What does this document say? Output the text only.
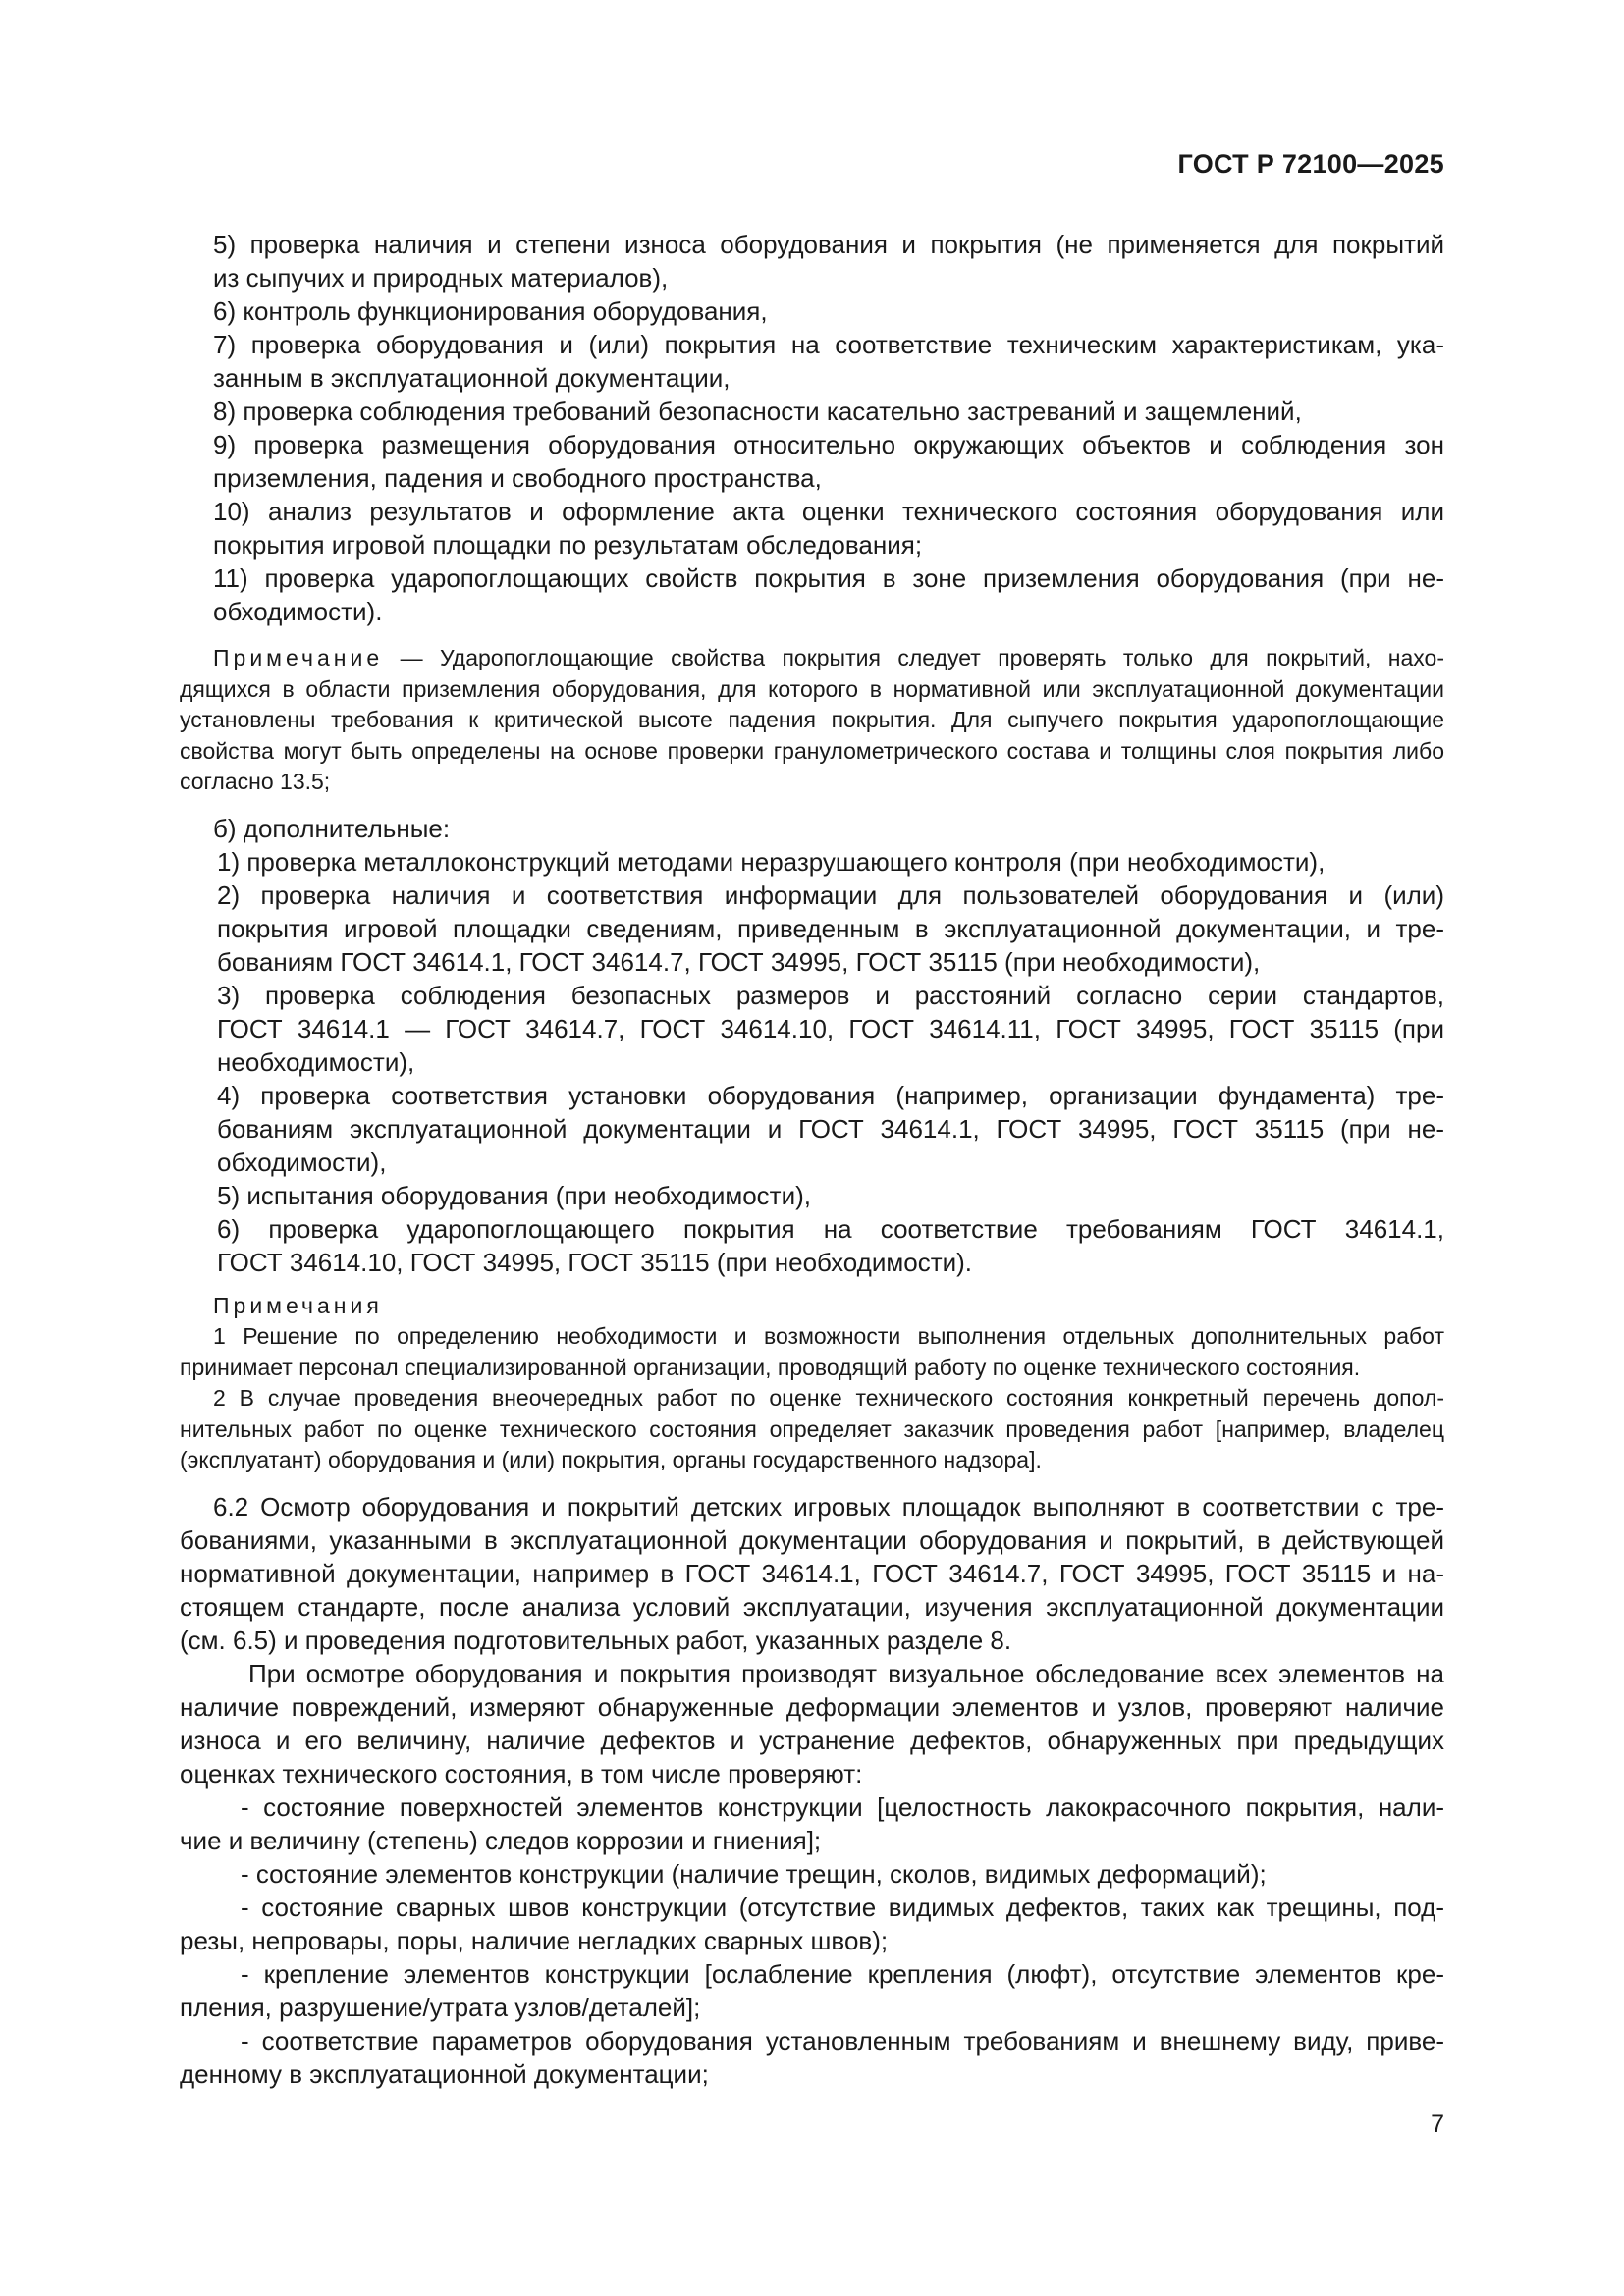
ГОСТ Р 72100—2025
5) проверка наличия и степени износа оборудования и покрытия (не применяется для покрытий
из сыпучих и природных материалов),
6) контроль функционирования оборудования,
7) проверка оборудования и (или) покрытия на соответствие техническим характеристикам, ука-
занным в эксплуатационной документации,
8) проверка соблюдения требований безопасности касательно застреваний и защемлений,
9) проверка размещения оборудования относительно окружающих объектов и соблюдения зон
приземления, падения и свободного пространства,
10) анализ результатов и оформление акта оценки технического состояния оборудования или
покрытия игровой площадки по результатам обследования;
11) проверка ударопоглощающих свойств покрытия в зоне приземления оборудования (при не-
обходимости).
Примечание — Ударопоглощающие свойства покрытия следует проверять только для покрытий, нахо-
дящихся в области приземления оборудования, для которого в нормативной или эксплуатационной документации
установлены требования к критической высоте падения покрытия. Для сыпучего покрытия ударопоглощающие
свойства могут быть определены на основе проверки гранулометрического состава и толщины слоя покрытия либо
согласно 13.5;
б) дополнительные:
1) проверка металлоконструкций методами неразрушающего контроля (при необходимости),
2) проверка наличия и соответствия информации для пользователей оборудования и (или)
покрытия игровой площадки сведениям, приведенным в эксплуатационной документации, и тре-
бованиям ГОСТ 34614.1, ГОСТ 34614.7, ГОСТ 34995, ГОСТ 35115 (при необходимости),
3) проверка соблюдения безопасных размеров и расстояний согласно серии стандартов,
ГОСТ 34614.1 — ГОСТ 34614.7, ГОСТ 34614.10, ГОСТ 34614.11, ГОСТ 34995, ГОСТ 35115 (при
необходимости),
4) проверка соответствия установки оборудования (например, организации фундамента) тре-
бованиям эксплуатационной документации и ГОСТ 34614.1, ГОСТ 34995, ГОСТ 35115 (при не-
обходимости),
5) испытания оборудования (при необходимости),
6) проверка ударопоглощающего покрытия на соответствие требованиям ГОСТ 34614.1,
ГОСТ 34614.10, ГОСТ 34995, ГОСТ 35115 (при необходимости).
Примечания
1 Решение по определению необходимости и возможности выполнения отдельных дополнительных работ
принимает персонал специализированной организации, проводящий работу по оценке технического состояния.
2 В случае проведения внеочередных работ по оценке технического состояния конкретный перечень допол-
нительных работ по оценке технического состояния определяет заказчик проведения работ [например, владелец
(эксплуатант) оборудования и (или) покрытия, органы государственного надзора].
6.2 Осмотр оборудования и покрытий детских игровых площадок выполняют в соответствии с тре-
бованиями, указанными в эксплуатационной документации оборудования и покрытий, в действующей
нормативной документации, например в ГОСТ 34614.1, ГОСТ 34614.7, ГОСТ 34995, ГОСТ 35115 и на-
стоящем стандарте, после анализа условий эксплуатации, изучения эксплуатационной документации
(см. 6.5) и проведения подготовительных работ, указанных разделе 8.
При осмотре оборудования и покрытия производят визуальное обследование всех элементов на
наличие повреждений, измеряют обнаруженные деформации элементов и узлов, проверяют наличие
износа и его величину, наличие дефектов и устранение дефектов, обнаруженных при предыдущих
оценках технического состояния, в том числе проверяют:
- состояние поверхностей элементов конструкции [целостность лакокрасочного покрытия, нали-
чие и величину (степень) следов коррозии и гниения];
- состояние элементов конструкции (наличие трещин, сколов, видимых деформаций);
- состояние сварных швов конструкции (отсутствие видимых дефектов, таких как трещины, под-
резы, непровары, поры, наличие негладких сварных швов);
- крепление элементов конструкции [ослабление крепления (люфт), отсутствие элементов кре-
пления, разрушение/утрата узлов/деталей];
- соответствие параметров оборудования установленным требованиям и внешнему виду, приве-
денному в эксплуатационной документации;
7
